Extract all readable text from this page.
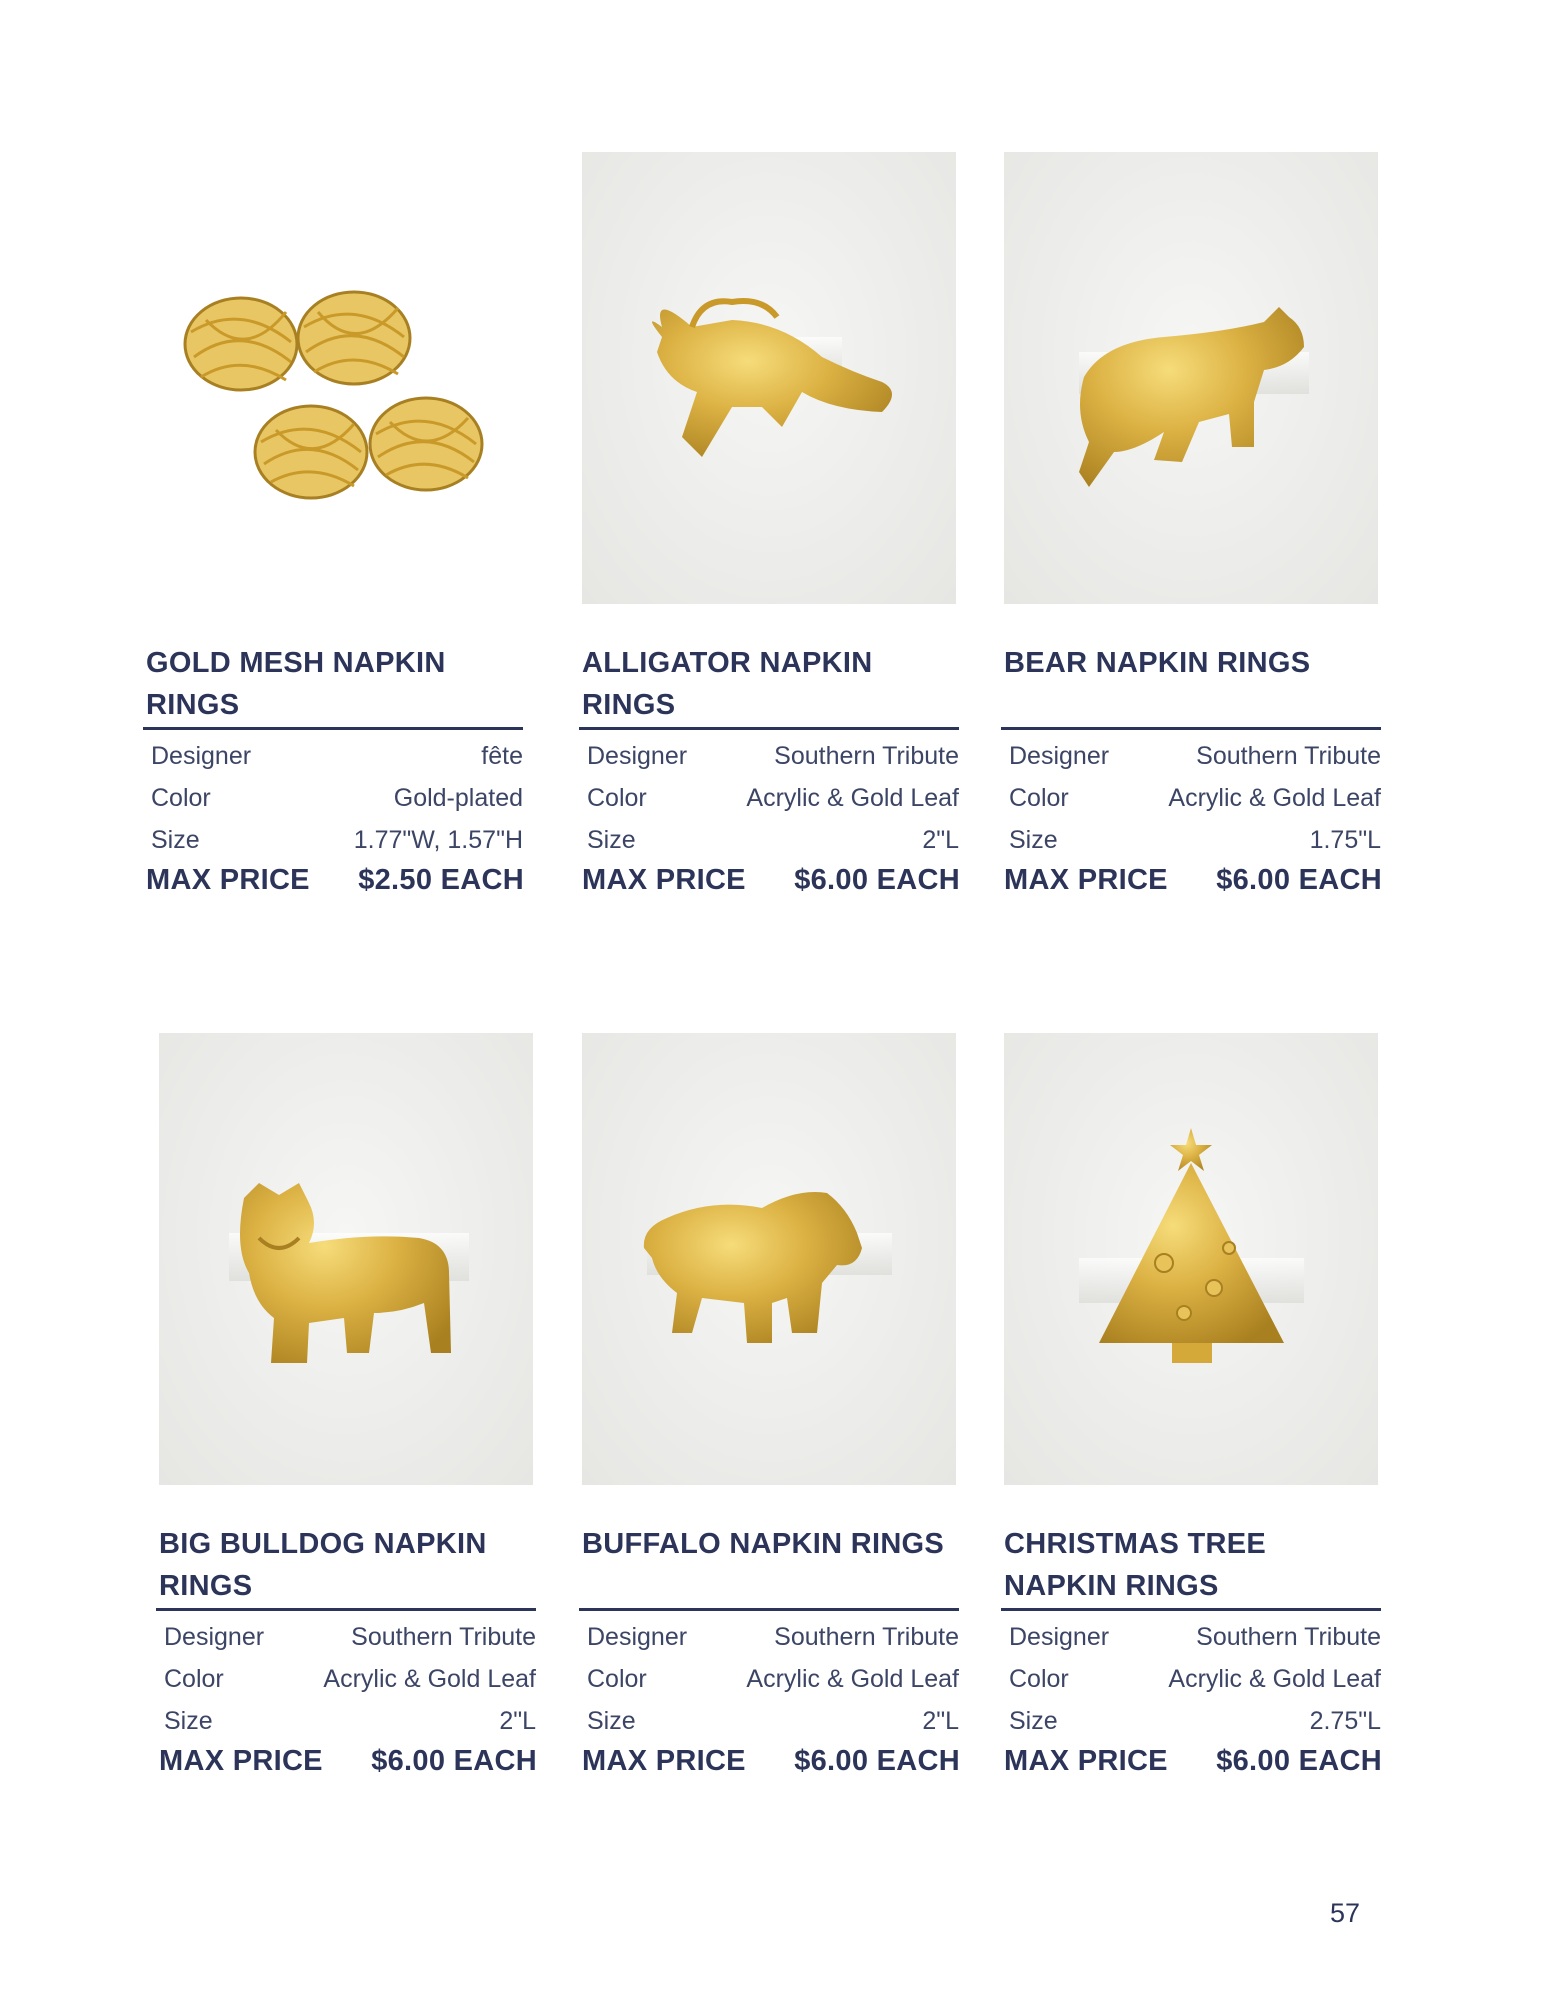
GOLD MESH NAPKIN RINGS
Designer	fête
Color	Gold-plated
Size	1.77"W, 1.57"H
MAX PRICE $2.50 EACH
ALLIGATOR NAPKIN RINGS
Designer	Southern Tribute
Color	Acrylic & Gold Leaf
Size	2"L
MAX PRICE $6.00 EACH
BEAR NAPKIN RINGS
Designer	Southern Tribute
Color	Acrylic & Gold Leaf
Size	1.75"L
MAX PRICE $6.00 EACH
BIG BULLDOG NAPKIN RINGS
Designer	Southern Tribute
Color	Acrylic & Gold Leaf
Size	2"L
MAX PRICE $6.00 EACH
BUFFALO NAPKIN RINGS
Designer	Southern Tribute
Color	Acrylic & Gold Leaf
Size	2"L
MAX PRICE $6.00 EACH
CHRISTMAS TREE NAPKIN RINGS
Designer	Southern Tribute
Color	Acrylic & Gold Leaf
Size	2.75"L
MAX PRICE $6.00 EACH
57
